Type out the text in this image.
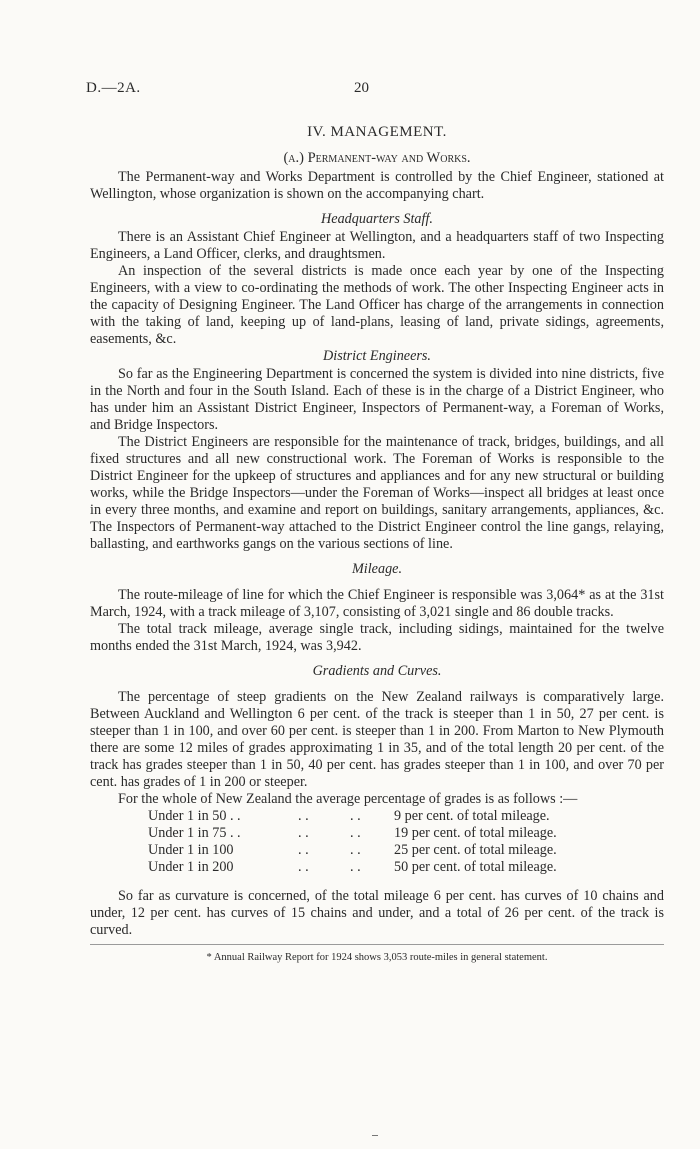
D.—2A.	20
IV. MANAGEMENT.
(a.) Permanent-way and Works.

The Permanent-way and Works Department is controlled by the Chief Engineer, stationed at Wellington, whose organization is shown on the accompanying chart.

Headquarters Staff.

There is an Assistant Chief Engineer at Wellington, and a headquarters staff of two Inspecting Engineers, a Land Officer, clerks, and draughtsmen.

An inspection of the several districts is made once each year by one of the Inspecting Engineers, with a view to co-ordinating the methods of work. The other Inspecting Engineer acts in the capacity of Designing Engineer. The Land Officer has charge of the arrangements in connection with the taking of land, keeping up of land-plans, leasing of land, private sidings, agreements, easements, &c.

District Engineers.

So far as the Engineering Department is concerned the system is divided into nine districts, five in the North and four in the South Island. Each of these is in the charge of a District Engineer, who has under him an Assistant District Engineer, Inspectors of Permanent-way, a Foreman of Works, and Bridge Inspectors.

The District Engineers are responsible for the maintenance of track, bridges, buildings, and all fixed structures and all new constructional work. The Foreman of Works is responsible to the District Engineer for the upkeep of structures and appliances and for any new structural or building works, while the Bridge Inspectors—under the Foreman of Works—inspect all bridges at least once in every three months, and examine and report on buildings, sanitary arrangements, appliances, &c. The Inspectors of Permanent-way attached to the District Engineer control the line gangs, relaying, ballasting, and earthworks gangs on the various sections of line.

Mileage.

The route-mileage of line for which the Chief Engineer is responsible was 3,064* as at the 31st March, 1924, with a track mileage of 3,107, consisting of 3,021 single and 86 double tracks.

The total track mileage, average single track, including sidings, maintained for the twelve months ended the 31st March, 1924, was 3,942.

Gradients and Curves.

The percentage of steep gradients on the New Zealand railways is comparatively large. Between Auckland and Wellington 6 per cent. of the track is steeper than 1 in 50, 27 per cent. is steeper than 1 in 100, and over 60 per cent. is steeper than 1 in 200. From Marton to New Plymouth there are some 12 miles of grades approximating 1 in 35, and of the total length 20 per cent. of the track has grades steeper than 1 in 50, 40 per cent. has grades steeper than 1 in 100, and over 70 per cent. has grades of 1 in 200 or steeper.

For the whole of New Zealand the average percentage of grades is as follows :—

Under 1 in 50 . .	. .	. .	9 per cent. of total mileage.
Under 1 in 75 . .	. .	. .	19 per cent. of total mileage.
Under 1 in 100	. .	. .	25 per cent. of total mileage.
Under 1 in 200	. .	. .	50 per cent. of total mileage.

So far as curvature is concerned, of the total mileage 6 per cent. has curves of 10 chains and under, 12 per cent. has curves of 15 chains and under, and a total of 26 per cent. of the track is curved.

* Annual Railway Report for 1924 shows 3,053 route-miles in general statement.
